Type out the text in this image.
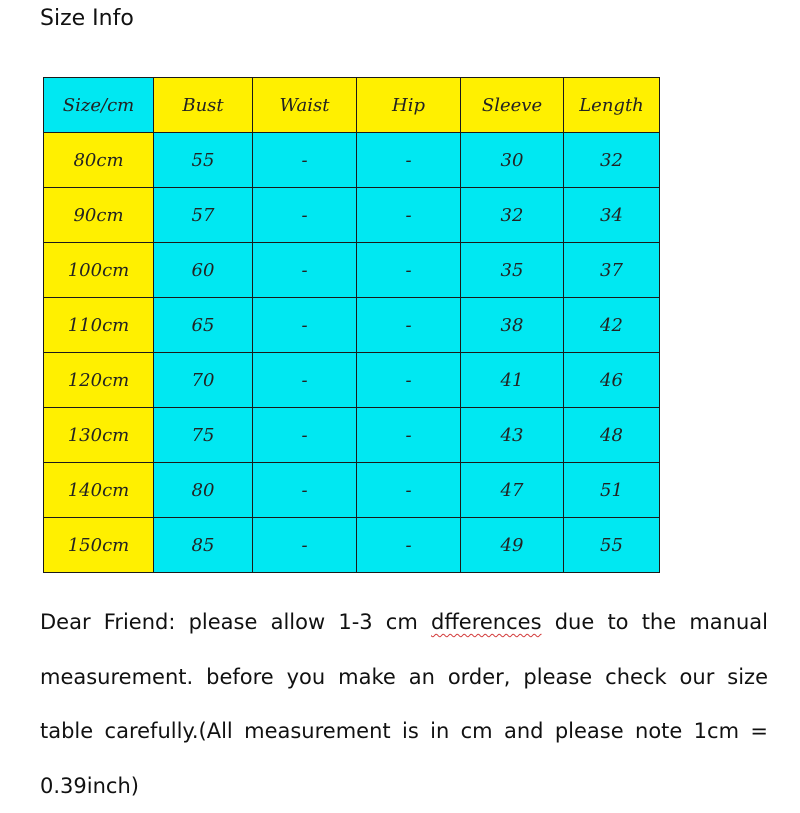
Size Info
Size/cm	Bust	Waist	Hip	Sleeve	Length
80cm	55	-	-	30	32
90cm	57	-	-	32	34
100cm	60	-	-	35	37
110cm	65	-	-	38	42
120cm	70	-	-	41	46
130cm	75	-	-	43	48
140cm	80	-	-	47	51
150cm	85	-	-	49	55
Dear Friend: please allow 1-3 cm dfferences due to the manual measurement. before you make an order, please check our size table carefully.(All measurement is in cm and please note 1cm = 0.39inch)
